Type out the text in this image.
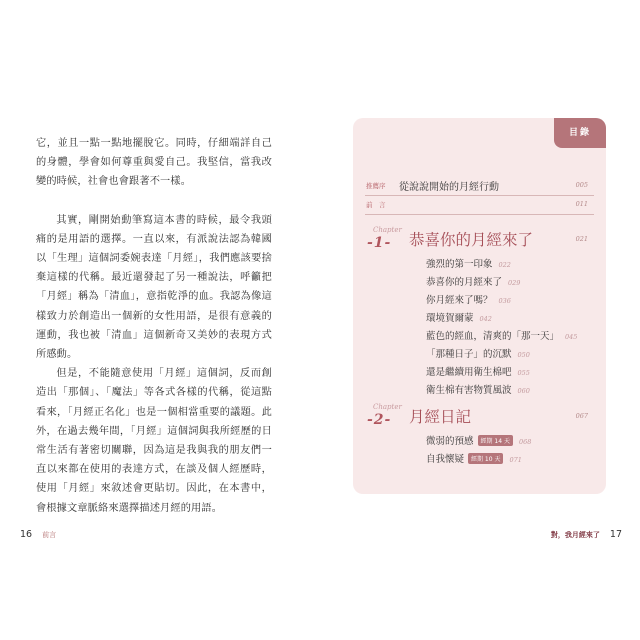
它，並且一點一點地擺脫它。同時，仔細端詳自己的身體，學會如何尊重與愛自己。我堅信，當我改變的時候，社會也會跟著不一樣。

其實，剛開始動筆寫這本書的時候，最令我頭痛的是用語的選擇。一直以來，有派說法認為韓國以「生理」這個詞委婉表達「月經」，我們應該要捨棄這樣的代稱。最近還發起了另一種說法，呼籲把「月經」稱為「清血」，意指乾淨的血。我認為像這樣致力於創造出一個新的女性用語，是很有意義的運動，我也被「清血」這個新奇又美妙的表現方式所感動。

但是，不能隨意使用「月經」這個詞，反而創造出「那個」、「魔法」等各式各樣的代稱，從這點看來，「月經正名化」也是一個相當重要的議題。此外，在過去幾年間，「月經」這個詞與我所經歷的日常生活有著密切關聯，因為這是我與我的朋友們一直以來都在使用的表達方式，在談及個人經歷時，使用「月經」來敘述會更貼切。因此，在本書中，會根據文章脈絡來選擇描述月經的用語。

16 前言
目錄
推薦序 從說說開始的月經行動	005
前　言	011
Chapter
-1- 恭喜你的月經來了	021
強烈的第一印象 022
恭喜你的月經來了 029
你月經來了嗎？ 036
環境賀爾蒙 042
藍色的經血，清爽的「那一天」 045
「那種日子」的沉默 050
還是繼續用衛生棉吧 055
衛生棉有害物質風波 060
Chapter
-2- 月經日記	067
微弱的預感 經期 14 天 068
自我懷疑 經期 10 天 071
對，我月經來了 17
